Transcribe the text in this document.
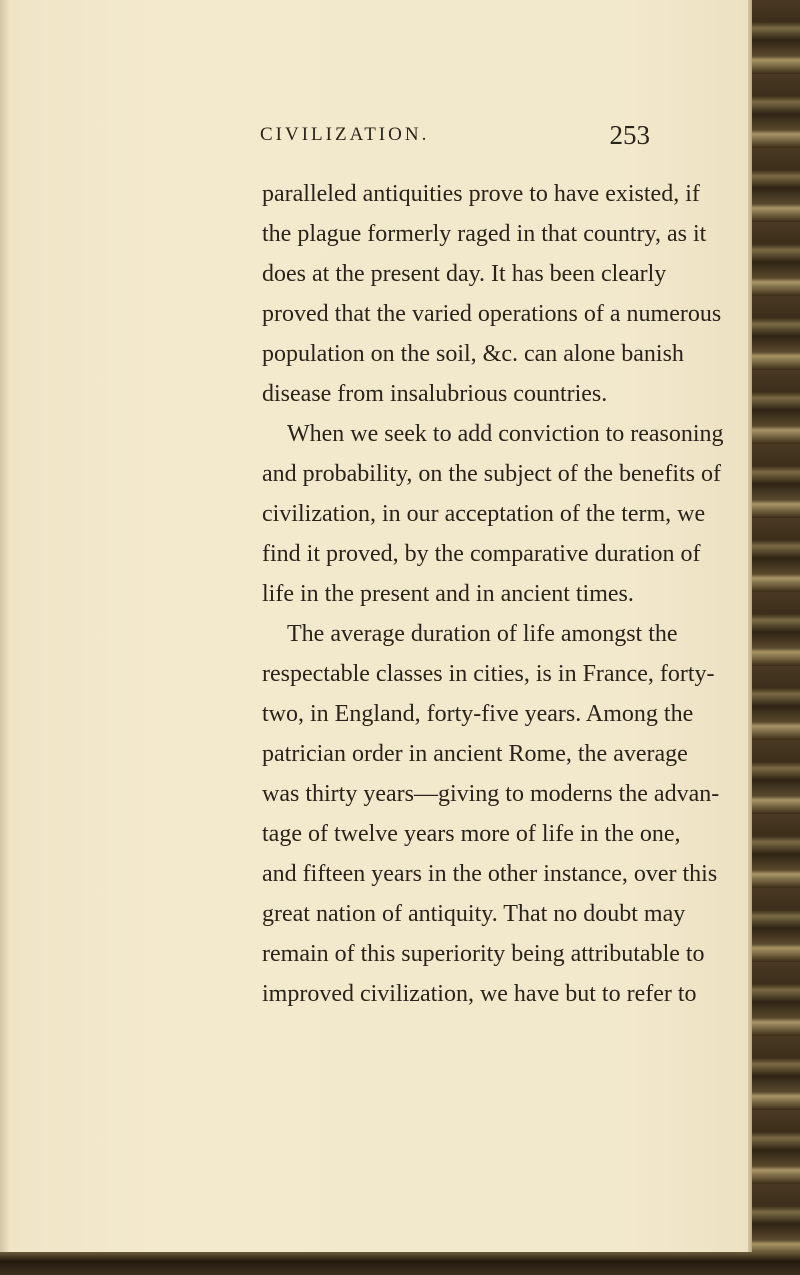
CIVILIZATION.	253
paralleled antiquities prove to have existed, if
the plague formerly raged in that country, as it
does at the present day. It has been clearly
proved that the varied operations of a numerous
population on the soil, &c. can alone banish
disease from insalubrious countries.
When we seek to add conviction to reasoning
and probability, on the subject of the benefits of
civilization, in our acceptation of the term, we
find it proved, by the comparative duration of
life in the present and in ancient times.
The average duration of life amongst the
respectable classes in cities, is in France, forty-
two, in England, forty-five years. Among the
patrician order in ancient Rome, the average
was thirty years—giving to moderns the advan-
tage of twelve years more of life in the one,
and fifteen years in the other instance, over this
great nation of antiquity. That no doubt may
remain of this superiority being attributable to
improved civilization, we have but to refer to
